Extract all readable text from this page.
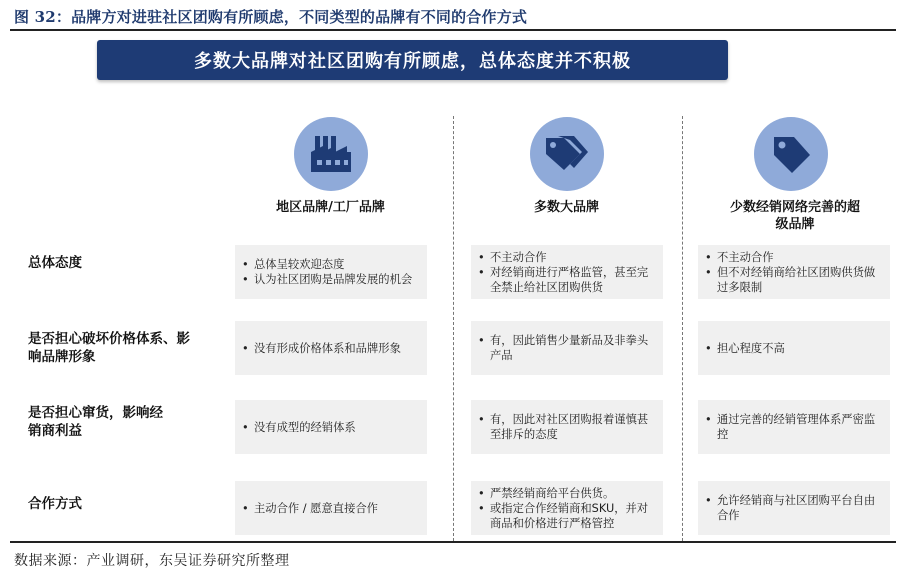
图 32：品牌方对进驻社区团购有所顾虑，不同类型的品牌有不同的合作方式
多数大品牌对社区团购有所顾虑，总体态度并不积极
地区品牌/工厂品牌	多数大品牌	少数经销网络完善的超级品牌
总体态度
是否担心破坏价格体系、影响品牌形象
是否担心窜货，影响经销商利益
合作方式
• 总体呈较欢迎态度
• 认为社区团购是品牌发展的机会
• 不主动合作
• 对经销商进行严格监管，甚至完全禁止给社区团购供货
• 不主动合作
• 但不对经销商给社区团购供货做过多限制
• 没有形成价格体系和品牌形象
• 有，因此销售少量新品及非拳头产品
• 担心程度不高
• 没有成型的经销体系
• 有，因此对社区团购报着谨慎甚至排斥的态度
• 通过完善的经销管理体系严密监控
• 主动合作 / 愿意直接合作
• 严禁经销商给平台供货。
• 或指定合作经销商和SKU，并对商品和价格进行严格管控
• 允许经销商与社区团购平台自由合作
数据来源：产业调研，东吴证券研究所整理
